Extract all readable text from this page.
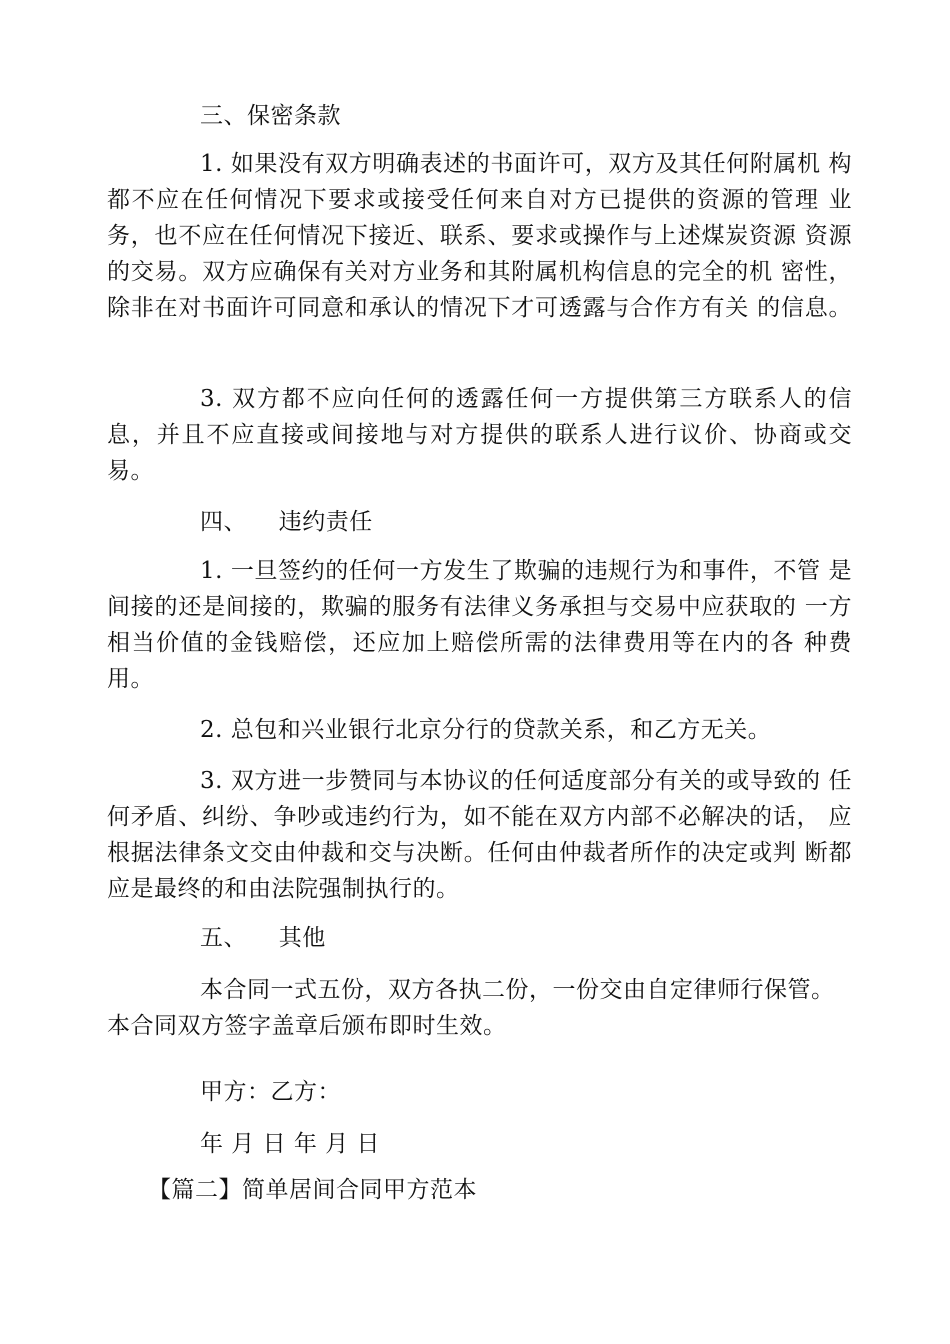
三、保密条款
1. 如果没有双方明确表述的书面许可，双方及其任何附属机 构
都不应在任何情况下要求或接受任何来自对方已提供的资源的管理 业
务，也不应在任何情况下接近、联系、要求或操作与上述煤炭资源 资源
的交易。双方应确保有关对方业务和其附属机构信息的完全的机 密性，
除非在对书面许可同意和承认的情况下才可透露与合作方有关 的信息。
3. 双方都不应向任何的透露任何一方提供第三方联系人的信
息，并且不应直接或间接地与对方提供的联系人进行议价、协商或交
易。
四、 违约责任
1. 一旦签约的任何一方发生了欺骗的违规行为和事件，不管 是
间接的还是间接的，欺骗的服务有法律义务承担与交易中应获取的 一方
相当价值的金钱赔偿，还应加上赔偿所需的法律费用等在内的各 种费
用。
2. 总包和兴业银行北京分行的贷款关系，和乙方无关。
3. 双方进一步赞同与本协议的任何适度部分有关的或导致的 任
何矛盾、纠纷、争吵或违约行为，如不能在双方内部不必解决的话， 应
根据法律条文交由仲裁和交与决断。任何由仲裁者所作的决定或判 断都
应是最终的和由法院强制执行的。
五、 其他
本合同一式五份，双方各执二份，一份交由自定律师行保管。
本合同双方签字盖章后颁布即时生效。
甲方：乙方：
年 月 日 年 月 日
【篇二】简单居间合同甲方范本
